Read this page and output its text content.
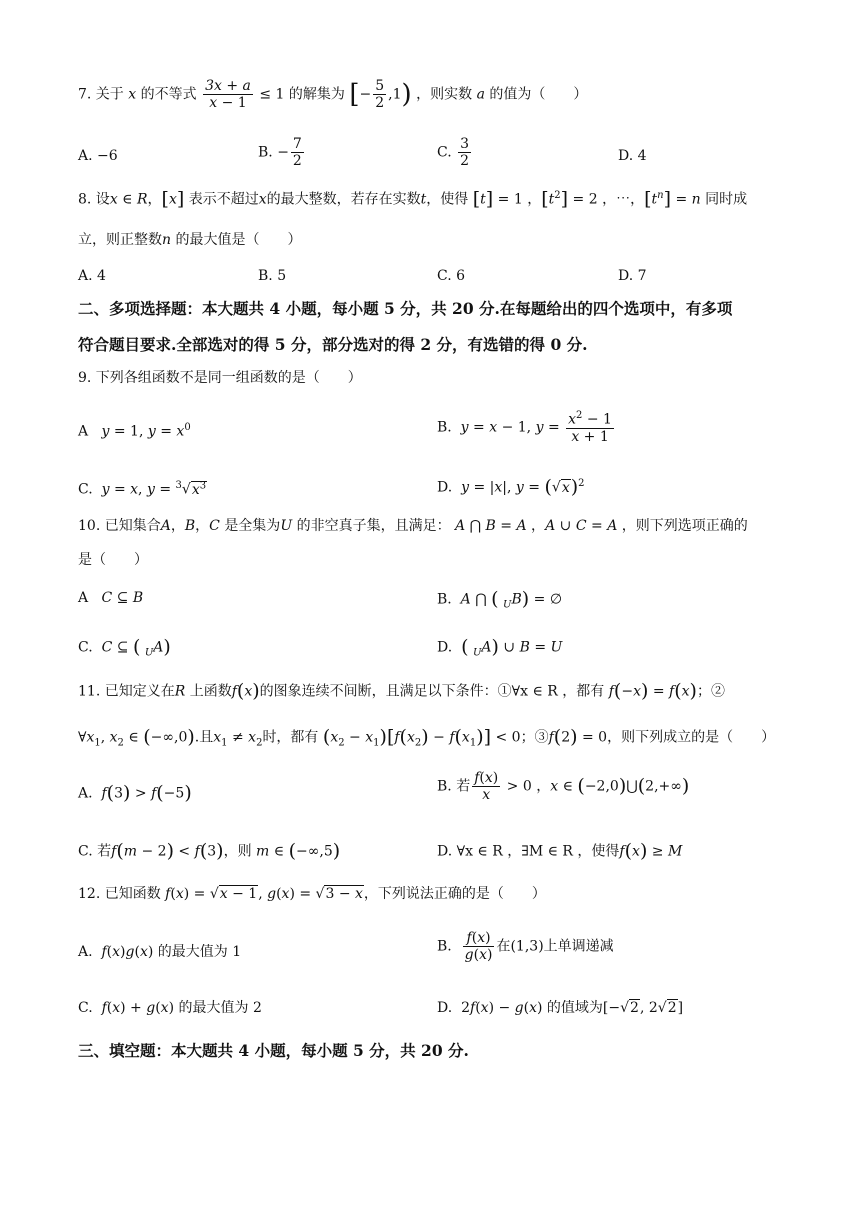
7. 关于 x 的不等式 $\frac{3x + a}{x - 1} \le 1$ 的解集为 [− $\frac{5}{2} ,1$) ，则实数 a 的值为（　　）
A. −6	B. − $\frac{7}{2}$	C. $\frac{3}{2}$	D. 4
8. 设x ∈ R，[x] 表示不超过x的最大整数，若存在实数t，使得 [t] = 1 ，$[t^2] = 2$ ，⋯，$[t^n] = n$ 同时成
立，则正整数n 的最大值是（　　）
A. 4	B. 5	C. 6	D. 7
二、多项选择题：本大题共 4 小题，每小题 5 分，共 20 分.在每题给出的四个选项中，有多项
符合题目要求.全部选对的得 5 分，部分选对的得 2 分，有选错的得 0 分.
9. 下列各组函数不是同一组函数的是（　　）
A y = 1, $y = x^0$	B. y = x − 1, $y = \frac{x^2 - 1}{x + 1}$
C. y = x, $y = ^3√x^3$	D. y = |x|, $y = (√x)^2$
10. 已知集合A，B，C 是全集为U 的非空真子集，且满足： A ⋂ B = A ，A ∪ C = A ，则下列选项正确的
是（　　）
A C ⊆ B	B. A ⋂ ( $_U$B) = ∅
C. C ⊆ ( $_U$A)	D. ( $_U$A) ∪ B = U
11. 已知定义在R 上函数f(x)的图象连续不间断，且满足以下条件：①∀x ∈ R ，都有 f(−x) = f(x)；②
$\forall x_1$, $x_2$ ∈ (−∞,0).且$x_1 \ne x_2$时，都有 $(x_2 - x_1)[f(x_2) - f(x_1)] < 0$；③f(2) = 0，则下列成立的是（　　）
A. f(3) > f(−5)	B. 若 $\frac{f(x)}{x} > 0$ ，x ∈ (−2,0)⋃(2,+∞)
C. 若f(m − 2) < f(3)，则 m ∈ (−∞,5)	D. ∀x ∈ R ，∃M ∈ R ，使得f(x) ≥ M
12. 已知函数 f(x) = √x − 1, g(x) = √3 − x，下列说法正确的是（　　）
A. f(x)g(x) 的最大值为 1	B. $\frac{f(x)}{g(x)}$ 在(1,3)上单调递减
C. f(x) + g(x) 的最大值为 2	D.  2f(x) − g(x) 的值域为[−√2, 2√2]
三、填空题：本大题共 4 小题，每小题 5 分，共 20 分.
